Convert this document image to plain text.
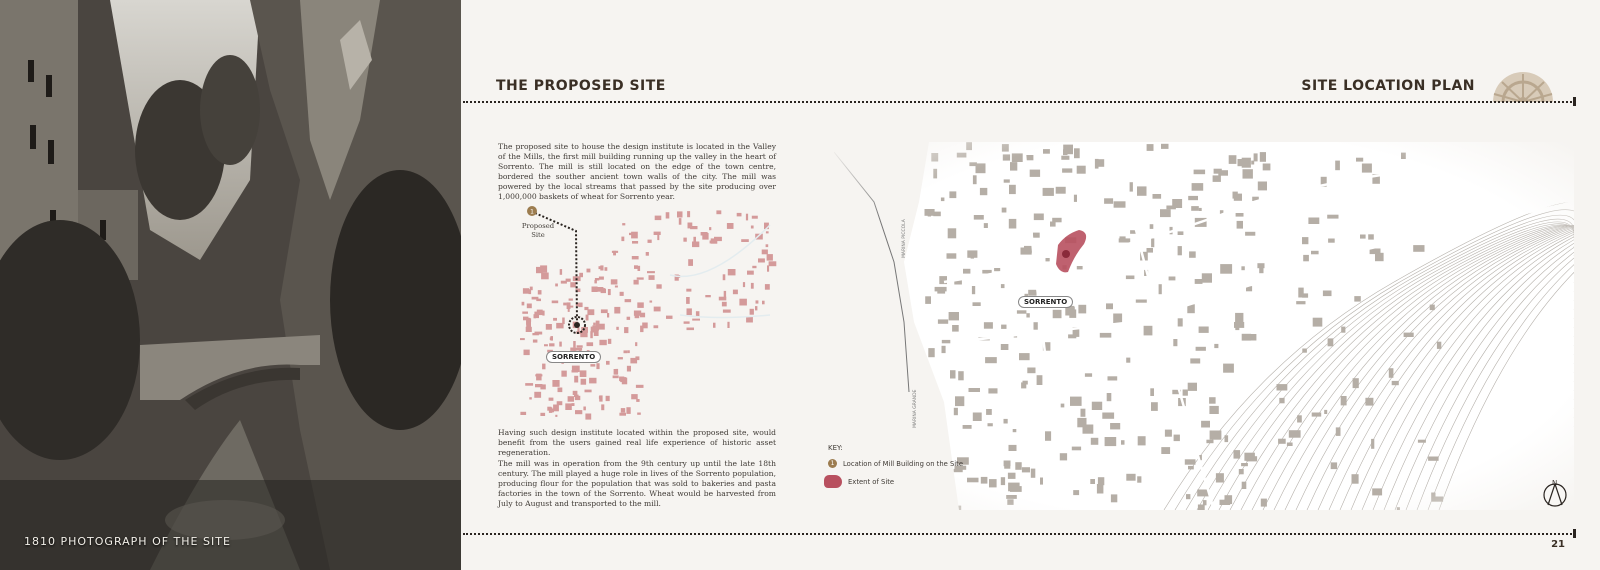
1810 PHOTOGRAPH OF THE SITE
THE PROPOSED SITE	SITE LOCATION PLAN
21

The proposed site to house the design institute is located in the Valley of the Mills, the first mill building running up the valley in the heart of Sorrento. The mill is still located on the edge of the town centre, bordered the souther ancient town walls of the city. The mill was powered by the local streams that passed by the site producing over 1,000,000 baskets of wheat for Sorrento year.

Having such design institute located within the proposed site, would benefit from the users gained real life experience of historic asset regeneration.

The mill was in operation from the 9th century up until the late 18th century. The mill played a huge role in lives of the Sorrento population, producing flour for the population that was sold to bakeries and pasta factories in the town of the Sorrento. Wheat would be harvested from July to August and transported to the mill.

1
Proposed Site
SORRENTO
MARINA PICCOLA
MARINA GRANDE
SORRENTO
KEY:
1	Location of Mill Building on the Site
Extent of Site	N
